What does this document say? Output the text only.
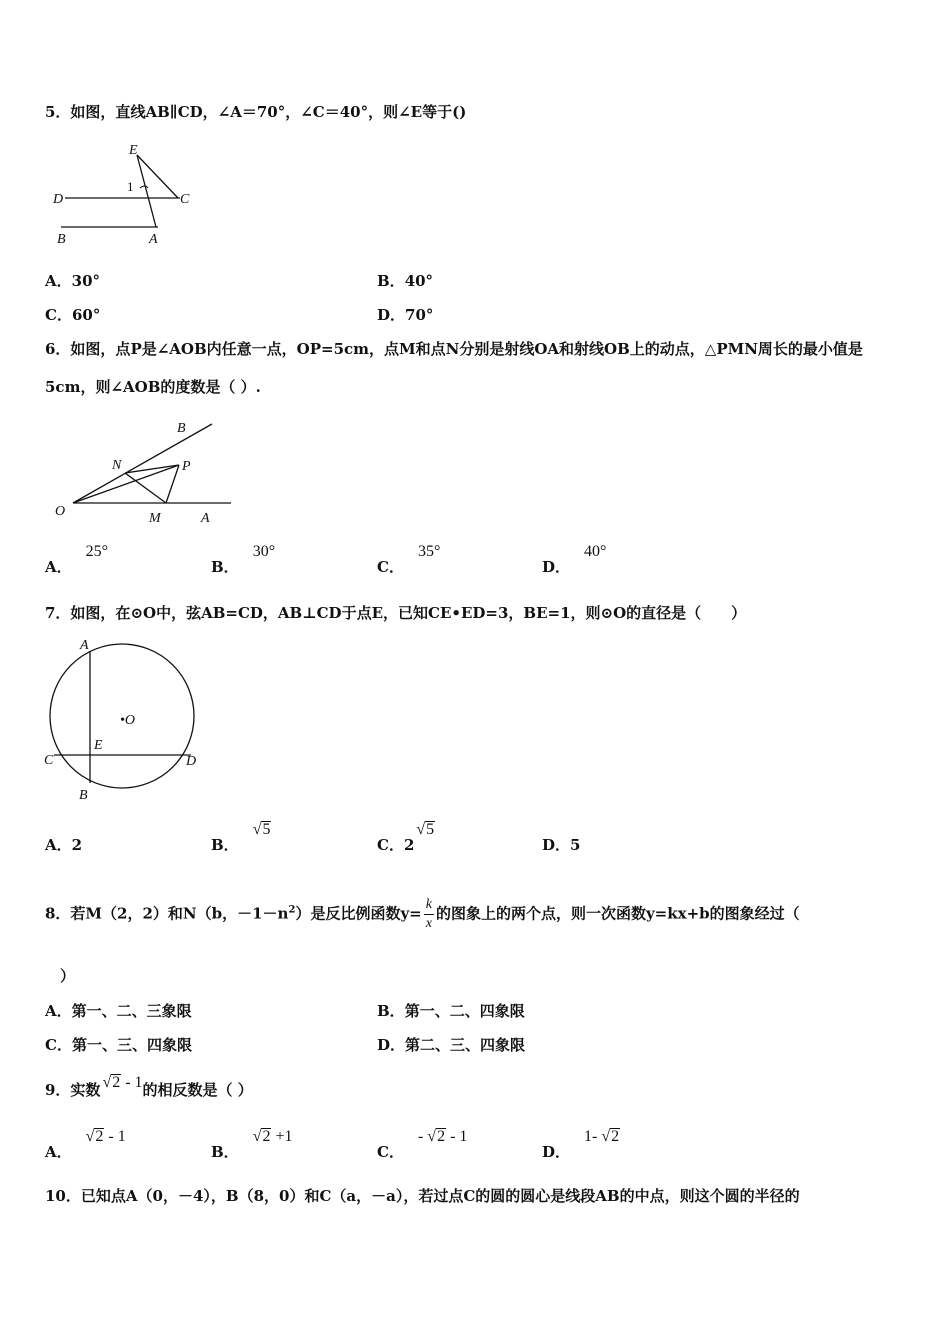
5．如图，直线AB∥CD，∠A＝70°，∠C＝40°，则∠E等于()
E
D	C
1
B	A
A．30°	B．40°
C．60°	D．70°
6．如图，点P是∠AOB内任意一点，OP=5cm，点M和点N分别是射线OA和射线OB上的动点，△PMN周长的最小值是5cm，则∠AOB的度数是（ ）.
B
N	P
O	M	A
A．25°
B．30°
C．35°
D．40°
7．如图，在⊙O中，弦AB=CD，AB⊥CD于点E，已知CE•ED=3，BE=1，则⊙O的直径是（　　）
A
•O
E
C	D
B
A．2	B．√5
C．2√5
D．5
8．若M（2，2）和N（b，$-1-n^2$）是反比例函数$y= \frac{k}{x}$ 的图象上的两个点，则一次函数y=kx+b的图象经过（
）
A．第一、二、三象限	B．第一、二、四象限
C．第一、三、四象限	D．第二、三、四象限
9．实数 √2 - 1的相反数是（ ）
A．√2 - 1
B．√2 +1
C．- √2 - 1
D．1- √2
10．已知点A（0，－4），B（8，0）和C（a，－a），若过点C的圆的圆心是线段AB的中点，则这个圆的半径的
